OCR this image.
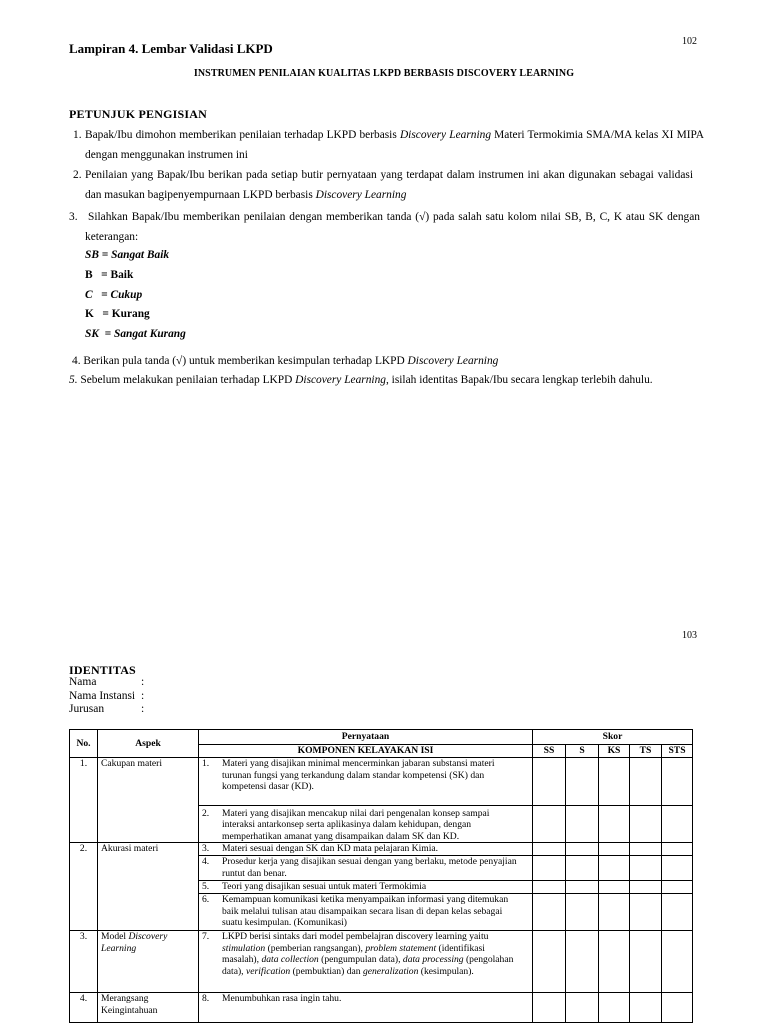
102
Lampiran 4. Lembar Validasi LKPD
INSTRUMEN PENILAIAN KUALITAS LKPD BERBASIS DISCOVERY LEARNING
PETUNJUK PENGISIAN
1. Bapak/Ibu dimohon memberikan penilaian terhadap LKPD berbasis Discovery Learning Materi Termokimia SMA/MA kelas XI MIPA dengan menggunakan instrumen ini
2. Penilaian yang Bapak/Ibu berikan pada setiap butir pernyataan yang terdapat dalam instrumen ini akan digunakan sebagai validasi dan masukan bagipenyempurnaan LKPD berbasis Discovery Learning
3. Silahkan Bapak/Ibu memberikan penilaian dengan memberikan tanda (√) pada salah satu kolom nilai SB, B, C, K atau SK dengan keterangan:
SB = Sangat Baik
B = Baik
C = Cukup
K = Kurang
SK = Sangat Kurang
4. Berikan pula tanda (√) untuk memberikan kesimpulan terhadap LKPD Discovery Learning
5. Sebelum melakukan penilaian terhadap LKPD Discovery Learning, isilah identitas Bapak/Ibu secara lengkap terlebih dahulu.
103
IDENTITAS
Nama	:
Nama Instansi :
Jurusan	:
No.	Aspek	Pernyataan	Skor				
		KOMPONEN KELAYAKAN ISI	SS	S	KS	TS	STS
1.	Cakupan materi	1. Materi yang disajikan minimal mencerminkan jabaran substansi materi turunan fungsi yang terkandung dalam standar kompetensi (SK) dan kompetensi dasar (KD).					
		2. Materi yang disajikan mencakup nilai dari pengenalan konsep sampai interaksi antarkonsep serta aplikasinya dalam kehidupan, dengan memperhatikan amanat yang disampaikan dalam SK dan KD.					
2.	Akurasi materi	3. Materi sesuai dengan SK dan KD mata pelajaran Kimia.					
		4. Prosedur kerja yang disajikan sesuai dengan yang berlaku, metode penyajian runtut dan benar.					
		5. Teori yang disajikan sesuai untuk materi Termokimia					
		6. Kemampuan komunikasi ketika menyampaikan informasi yang ditemukan baik melalui tulisan atau disampaikan secara lisan di depan kelas sebagai suatu kesimpulan. (Komunikasi)					
3.	Model Discovery Learning	7. LKPD berisi sintaks dari model pembelajran discovery learning yaitu stimulation (pemberian rangsangan), problem statement (identifikasi masalah), data collection (pengumpulan data), data processing (pengolahan data), verification (pembuktian) dan generalization (kesimpulan).					
4.	Merangsang Keingintahuan	8. Menumbuhkan rasa ingin tahu.					
